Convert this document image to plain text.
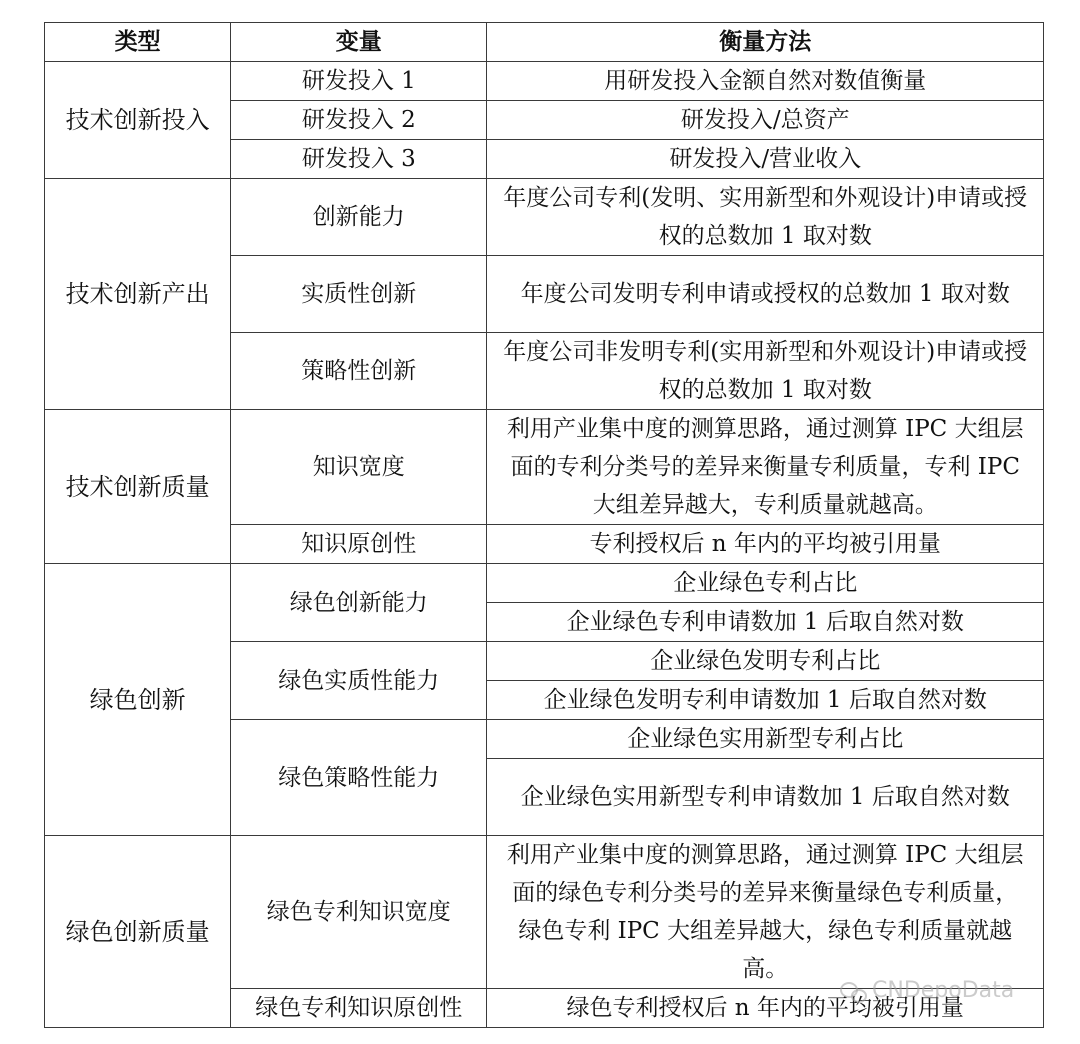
类型	变量	衡量方法
技术创新投入	研发投入 1	用研发投入金额自然对数值衡量
	研发投入 2	研发投入/总资产
	研发投入 3	研发投入/营业收入
技术创新产出	创新能力	年度公司专利(发明、实用新型和外观设计)申请或授权的总数加 1 取对数
	实质性创新	年度公司发明专利申请或授权的总数加 1 取对数
	策略性创新	年度公司非发明专利(实用新型和外观设计)申请或授权的总数加 1 取对数
技术创新质量	知识宽度	利用产业集中度的测算思路，通过测算 IPC 大组层面的专利分类号的差异来衡量专利质量，专利 IPC 大组差异越大，专利质量就越高。
	知识原创性	专利授权后 n 年内的平均被引用量
绿色创新	绿色创新能力	企业绿色专利占比
		企业绿色专利申请数加 1 后取自然对数
	绿色实质性能力	企业绿色发明专利占比
		企业绿色发明专利申请数加 1 后取自然对数
	绿色策略性能力	企业绿色实用新型专利占比
		企业绿色实用新型专利申请数加 1 后取自然对数
绿色创新质量	绿色专利知识宽度	利用产业集中度的测算思路，通过测算 IPC 大组层面的绿色专利分类号的差异来衡量绿色专利质量，绿色专利 IPC 大组差异越大，绿色专利质量就越高。
	绿色专利知识原创性	绿色专利授权后 n 年内的平均被引用量
CNDepoData
